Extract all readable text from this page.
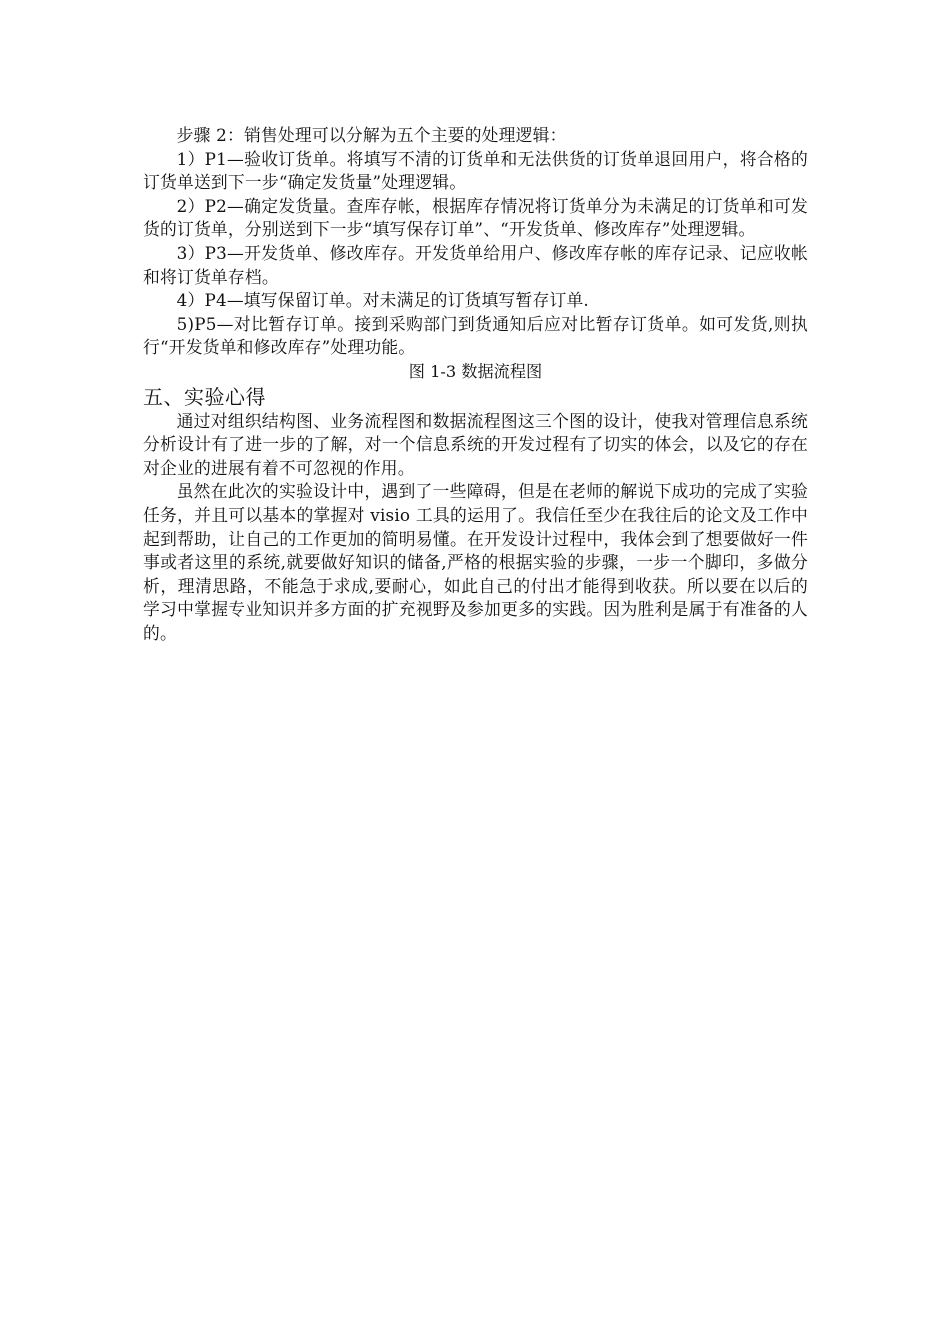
步骤 2：销售处理可以分解为五个主要的处理逻辑：

1）P1—验收订货单。将填写不清的订货单和无法供货的订货单退回用户，将合格的订货单送到下一步“确定发货量”处理逻辑。

2）P2—确定发货量。查库存帐，根据库存情况将订货单分为未满足的订货单和可发货的订货单，分别送到下一步“填写保存订单”、“开发货单、修改库存”处理逻辑。

3）P3—开发货单、修改库存。开发货单给用户、修改库存帐的库存记录、记应收帐和将订货单存档。

4）P4—填写保留订单。对未满足的订货填写暂存订单.

5)P5—对比暂存订单。接到采购部门到货通知后应对比暂存订货单。如可发货,则执行“开发货单和修改库存”处理功能。

图 1-3 数据流程图

五、实验心得

通过对组织结构图、业务流程图和数据流程图这三个图的设计，使我对管理信息系统分析设计有了进一步的了解，对一个信息系统的开发过程有了切实的体会，以及它的存在对企业的进展有着不可忽视的作用。

虽然在此次的实验设计中，遇到了一些障碍，但是在老师的解说下成功的完成了实验任务，并且可以基本的掌握对 visio 工具的运用了。我信任至少在我往后的论文及工作中起到帮助，让自己的工作更加的简明易懂。在开发设计过程中，我体会到了想要做好一件事或者这里的系统,就要做好知识的储备,严格的根据实验的步骤，一步一个脚印，多做分析，理清思路，不能急于求成,要耐心，如此自己的付出才能得到收获。所以要在以后的学习中掌握专业知识并多方面的扩充视野及参加更多的实践。因为胜利是属于有准备的人的。
